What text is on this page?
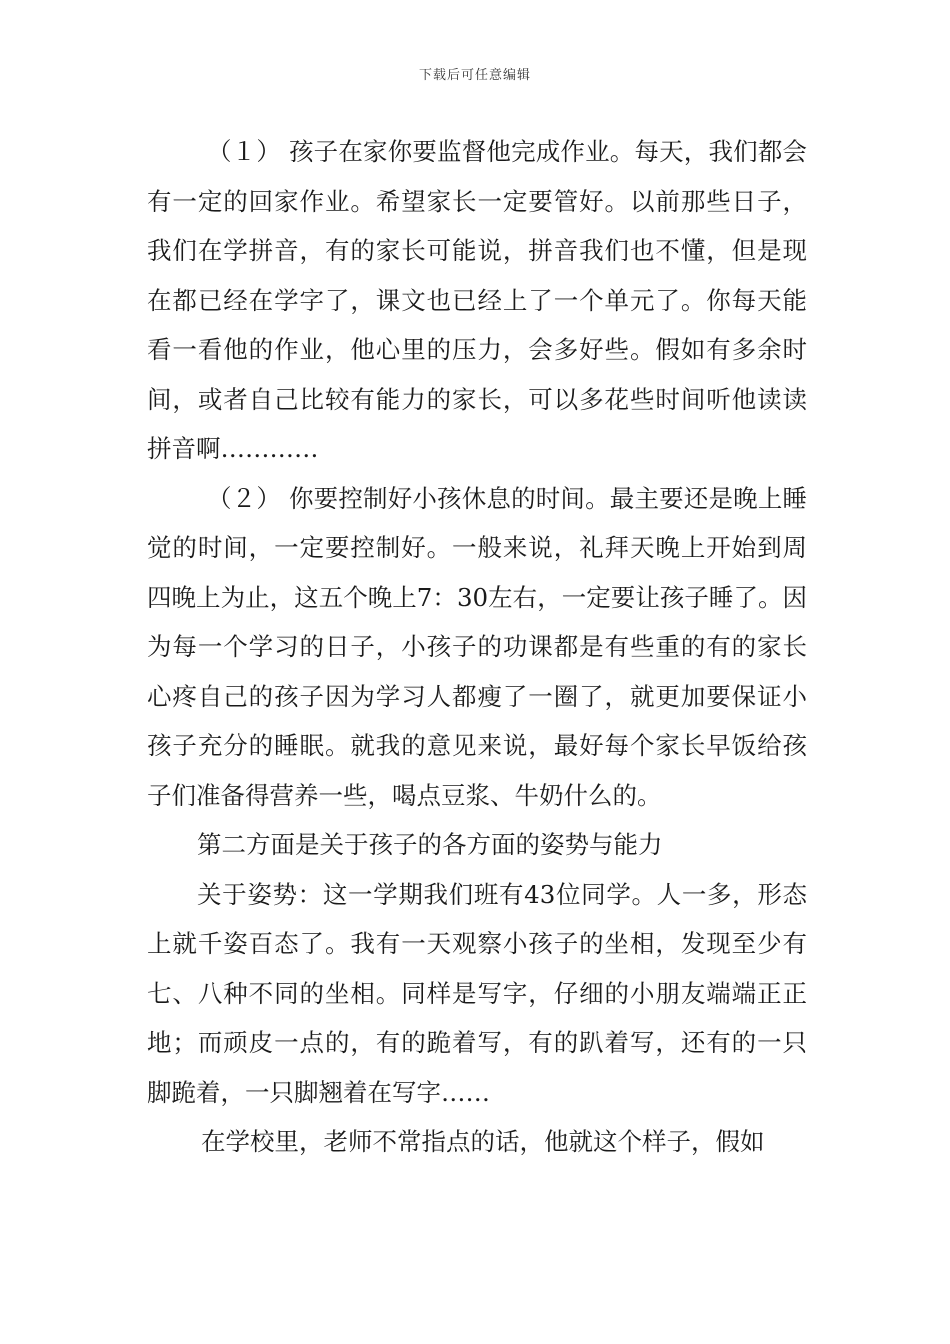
下载后可任意编辑

（１） 孩子在家你要监督他完成作业。每天，我们都会有一定的回家作业。希望家长一定要管好。以前那些日子，我们在学拼音，有的家长可能说，拼音我们也不懂，但是现在都已经在学字了，课文也已经上了一个单元了。你每天能看一看他的作业，他心里的压力，会多好些。假如有多余时间，或者自己比较有能力的家长，可以多花些时间听他读读拼音啊…………

（２） 你要控制好小孩休息的时间。最主要还是晚上睡觉的时间，一定要控制好。一般来说，礼拜天晚上开始到周四晚上为止，这五个晚上7：30左右，一定要让孩子睡了。因为每一个学习的日子，小孩子的功课都是有些重的有的家长心疼自己的孩子因为学习人都瘦了一圈了，就更加要保证小孩子充分的睡眠。就我的意见来说，最好每个家长早饭给孩子们准备得营养一些，喝点豆浆、牛奶什么的。

第二方面是关于孩子的各方面的姿势与能力

关于姿势：这一学期我们班有43位同学。人一多，形态上就千姿百态了。我有一天观察小孩子的坐相，发现至少有七、八种不同的坐相。同样是写字，仔细的小朋友端端正正地；而顽皮一点的，有的跪着写，有的趴着写，还有的一只脚跪着，一只脚翘着在写字……

在学校里，老师不常指点的话，他就这个样子，假如
